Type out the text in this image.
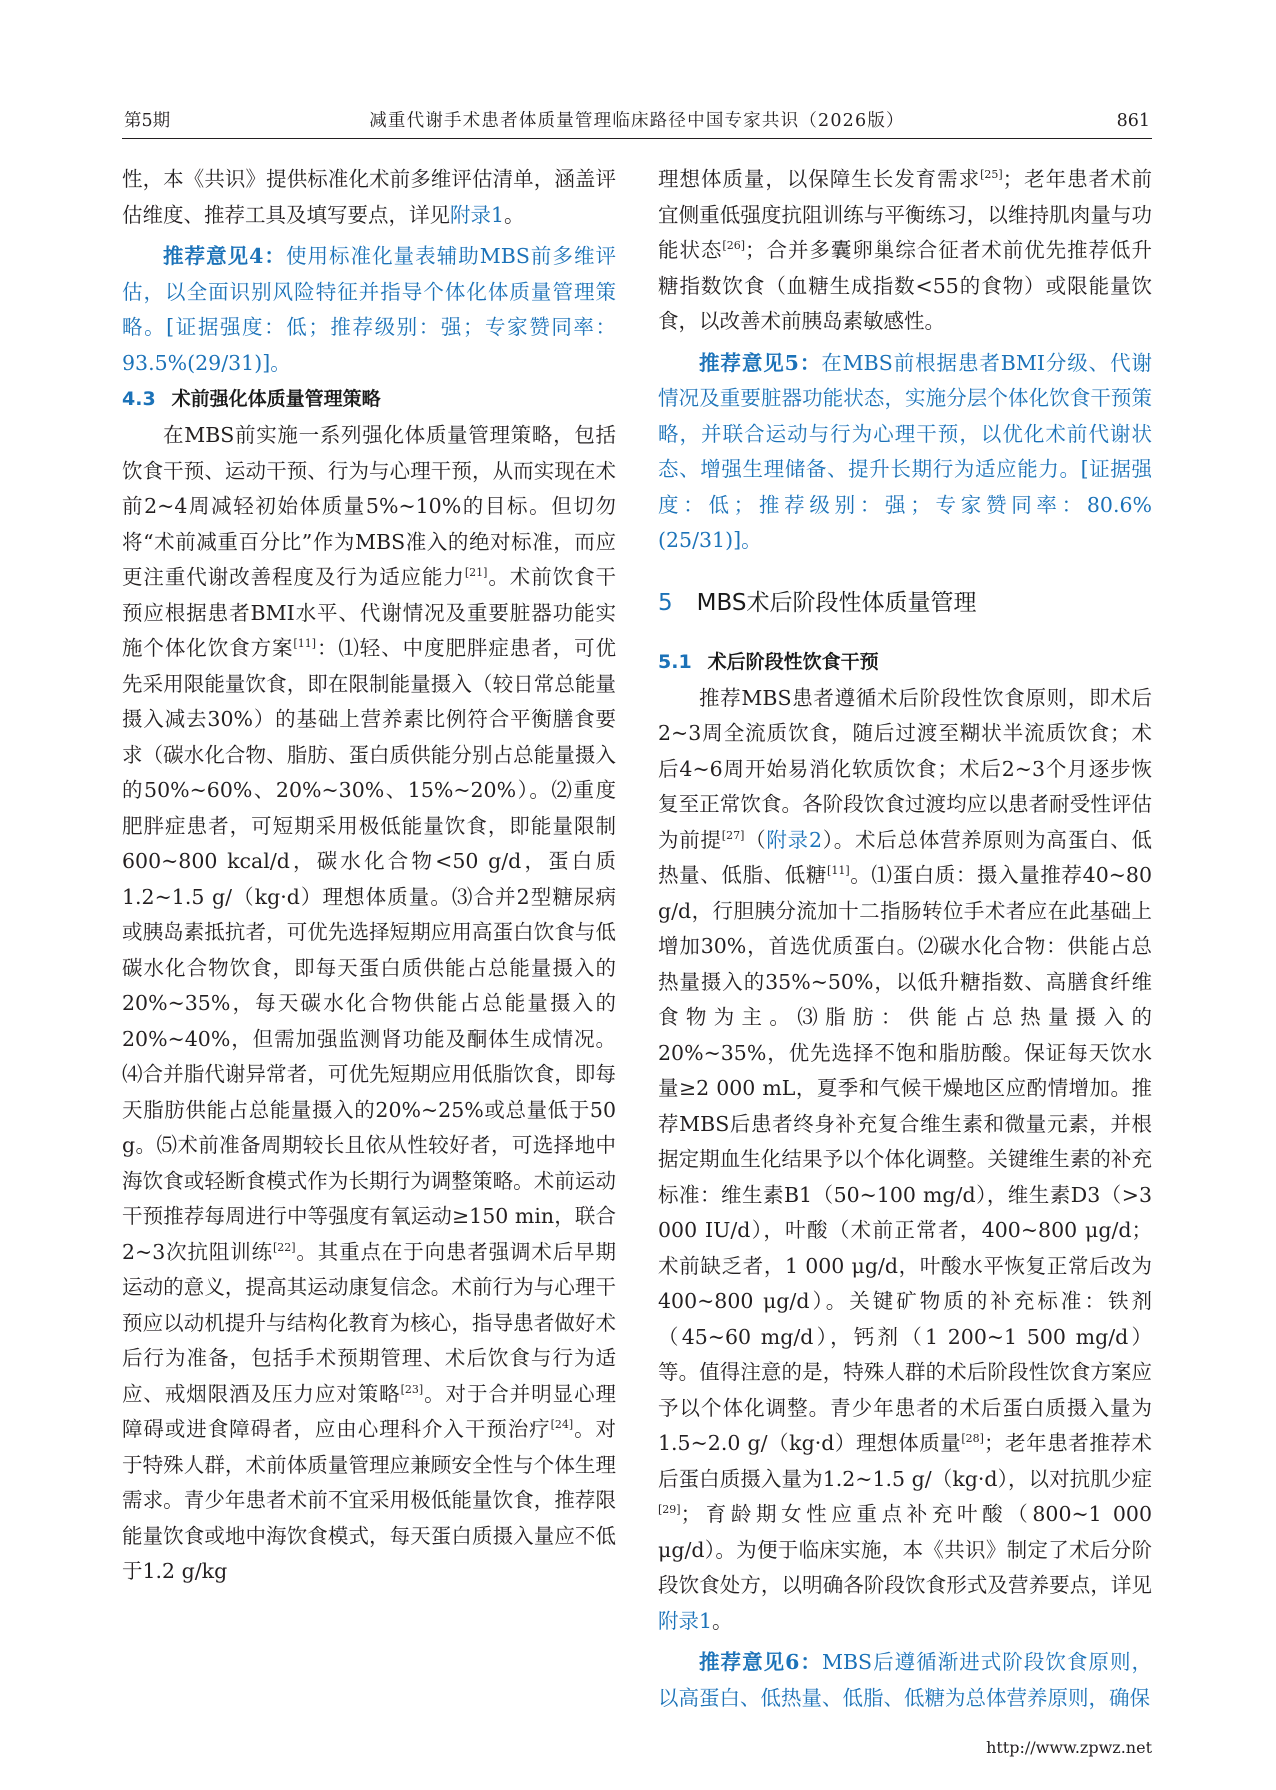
第5期	减重代谢手术患者体质量管理临床路径中国专家共识（2026版）	861

性，本《共识》提供标准化术前多维评估清单，涵盖评估维度、推荐工具及填写要点，详见附录1。

推荐意见4：使用标准化量表辅助MBS前多维评估，以全面识别风险特征并指导个体化体质量管理策略。[证据强度：低；推荐级别：强；专家赞同率：93.5%(29/31)]。

4.3 术前强化体质量管理策略

在MBS前实施一系列强化体质量管理策略，包括饮食干预、运动干预、行为与心理干预，从而实现在术前2~4周减轻初始体质量5%~10%的目标。但切勿将“术前减重百分比”作为MBS准入的绝对标准，而应更注重代谢改善程度及行为适应能力[21]。术前饮食干预应根据患者BMI水平、代谢情况及重要脏器功能实施个体化饮食方案[11]：⑴轻、中度肥胖症患者，可优先采用限能量饮食，即在限制能量摄入（较日常总能量摄入减去30%）的基础上营养素比例符合平衡膳食要求（碳水化合物、脂肪、蛋白质供能分别占总能量摄入的50%~60%、20%~30%、15%~20%）。⑵重度肥胖症患者，可短期采用极低能量饮食，即能量限制600~800 kcal/d，碳水化合物<50 g/d，蛋白质1.2~1.5 g/（kg·d）理想体质量。⑶合并2型糖尿病或胰岛素抵抗者，可优先选择短期应用高蛋白饮食与低碳水化合物饮食，即每天蛋白质供能占总能量摄入的20%~35%，每天碳水化合物供能占总能量摄入的20%~40%，但需加强监测肾功能及酮体生成情况。⑷合并脂代谢异常者，可优先短期应用低脂饮食，即每天脂肪供能占总能量摄入的20%~25%或总量低于50 g。⑸术前准备周期较长且依从性较好者，可选择地中海饮食或轻断食模式作为长期行为调整策略。术前运动干预推荐每周进行中等强度有氧运动≥150 min，联合2~3次抗阻训练[22]。其重点在于向患者强调术后早期运动的意义，提高其运动康复信念。术前行为与心理干预应以动机提升与结构化教育为核心，指导患者做好术后行为准备，包括手术预期管理、术后饮食与行为适应、戒烟限酒及压力应对策略[23]。对于合并明显心理障碍或进食障碍者，应由心理科介入干预治疗[24]。对于特殊人群，术前体质量管理应兼顾安全性与个体生理需求。青少年患者术前不宜采用极低能量饮食，推荐限能量饮食或地中海饮食模式，每天蛋白质摄入量应不低于1.2 g/kg

理想体质量，以保障生长发育需求[25]；老年患者术前宜侧重低强度抗阻训练与平衡练习，以维持肌肉量与功能状态[26]；合并多囊卵巢综合征者术前优先推荐低升糖指数饮食（血糖生成指数<55的食物）或限能量饮食，以改善术前胰岛素敏感性。

推荐意见5：在MBS前根据患者BMI分级、代谢情况及重要脏器功能状态，实施分层个体化饮食干预策略，并联合运动与行为心理干预，以优化术前代谢状态、增强生理储备、提升长期行为适应能力。[证据强度：低；推荐级别：强；专家赞同率：80.6%(25/31)]。

5 MBS术后阶段性体质量管理
5.1 术后阶段性饮食干预

推荐MBS患者遵循术后阶段性饮食原则，即术后2~3周全流质饮食，随后过渡至糊状半流质饮食；术后4~6周开始易消化软质饮食；术后2~3个月逐步恢复至正常饮食。各阶段饮食过渡均应以患者耐受性评估为前提[27]（附录2）。术后总体营养原则为高蛋白、低热量、低脂、低糖[11]。⑴蛋白质：摄入量推荐40~80 g/d，行胆胰分流加十二指肠转位手术者应在此基础上增加30%，首选优质蛋白。⑵碳水化合物：供能占总热量摄入的35%~50%，以低升糖指数、高膳食纤维食物为主。⑶脂肪：供能占总热量摄入的20%~35%，优先选择不饱和脂肪酸。保证每天饮水量≥2 000 mL，夏季和气候干燥地区应酌情增加。推荐MBS后患者终身补充复合维生素和微量元素，并根据定期血生化结果予以个体化调整。关键维生素的补充标准：维生素B1（50~100 mg/d），维生素D3（>3 000 IU/d），叶酸（术前正常者，400~800 μg/d；术前缺乏者，1 000 μg/d，叶酸水平恢复正常后改为400~800 μg/d）。关键矿物质的补充标准：铁剂（45~60 mg/d），钙剂（1 200~1 500 mg/d）等。值得注意的是，特殊人群的术后阶段性饮食方案应予以个体化调整。青少年患者的术后蛋白质摄入量为1.5~2.0 g/（kg·d）理想体质量[28]；老年患者推荐术后蛋白质摄入量为1.2~1.5 g/（kg·d），以对抗肌少症[29]；育龄期女性应重点补充叶酸（800~1 000 μg/d）。为便于临床实施，本《共识》制定了术后分阶段饮食处方，以明确各阶段饮食形式及营养要点，详见附录1。

推荐意见6：MBS后遵循渐进式阶段饮食原则，以高蛋白、低热量、低脂、低糖为总体营养原则，确保

http://www.zpwz.net
